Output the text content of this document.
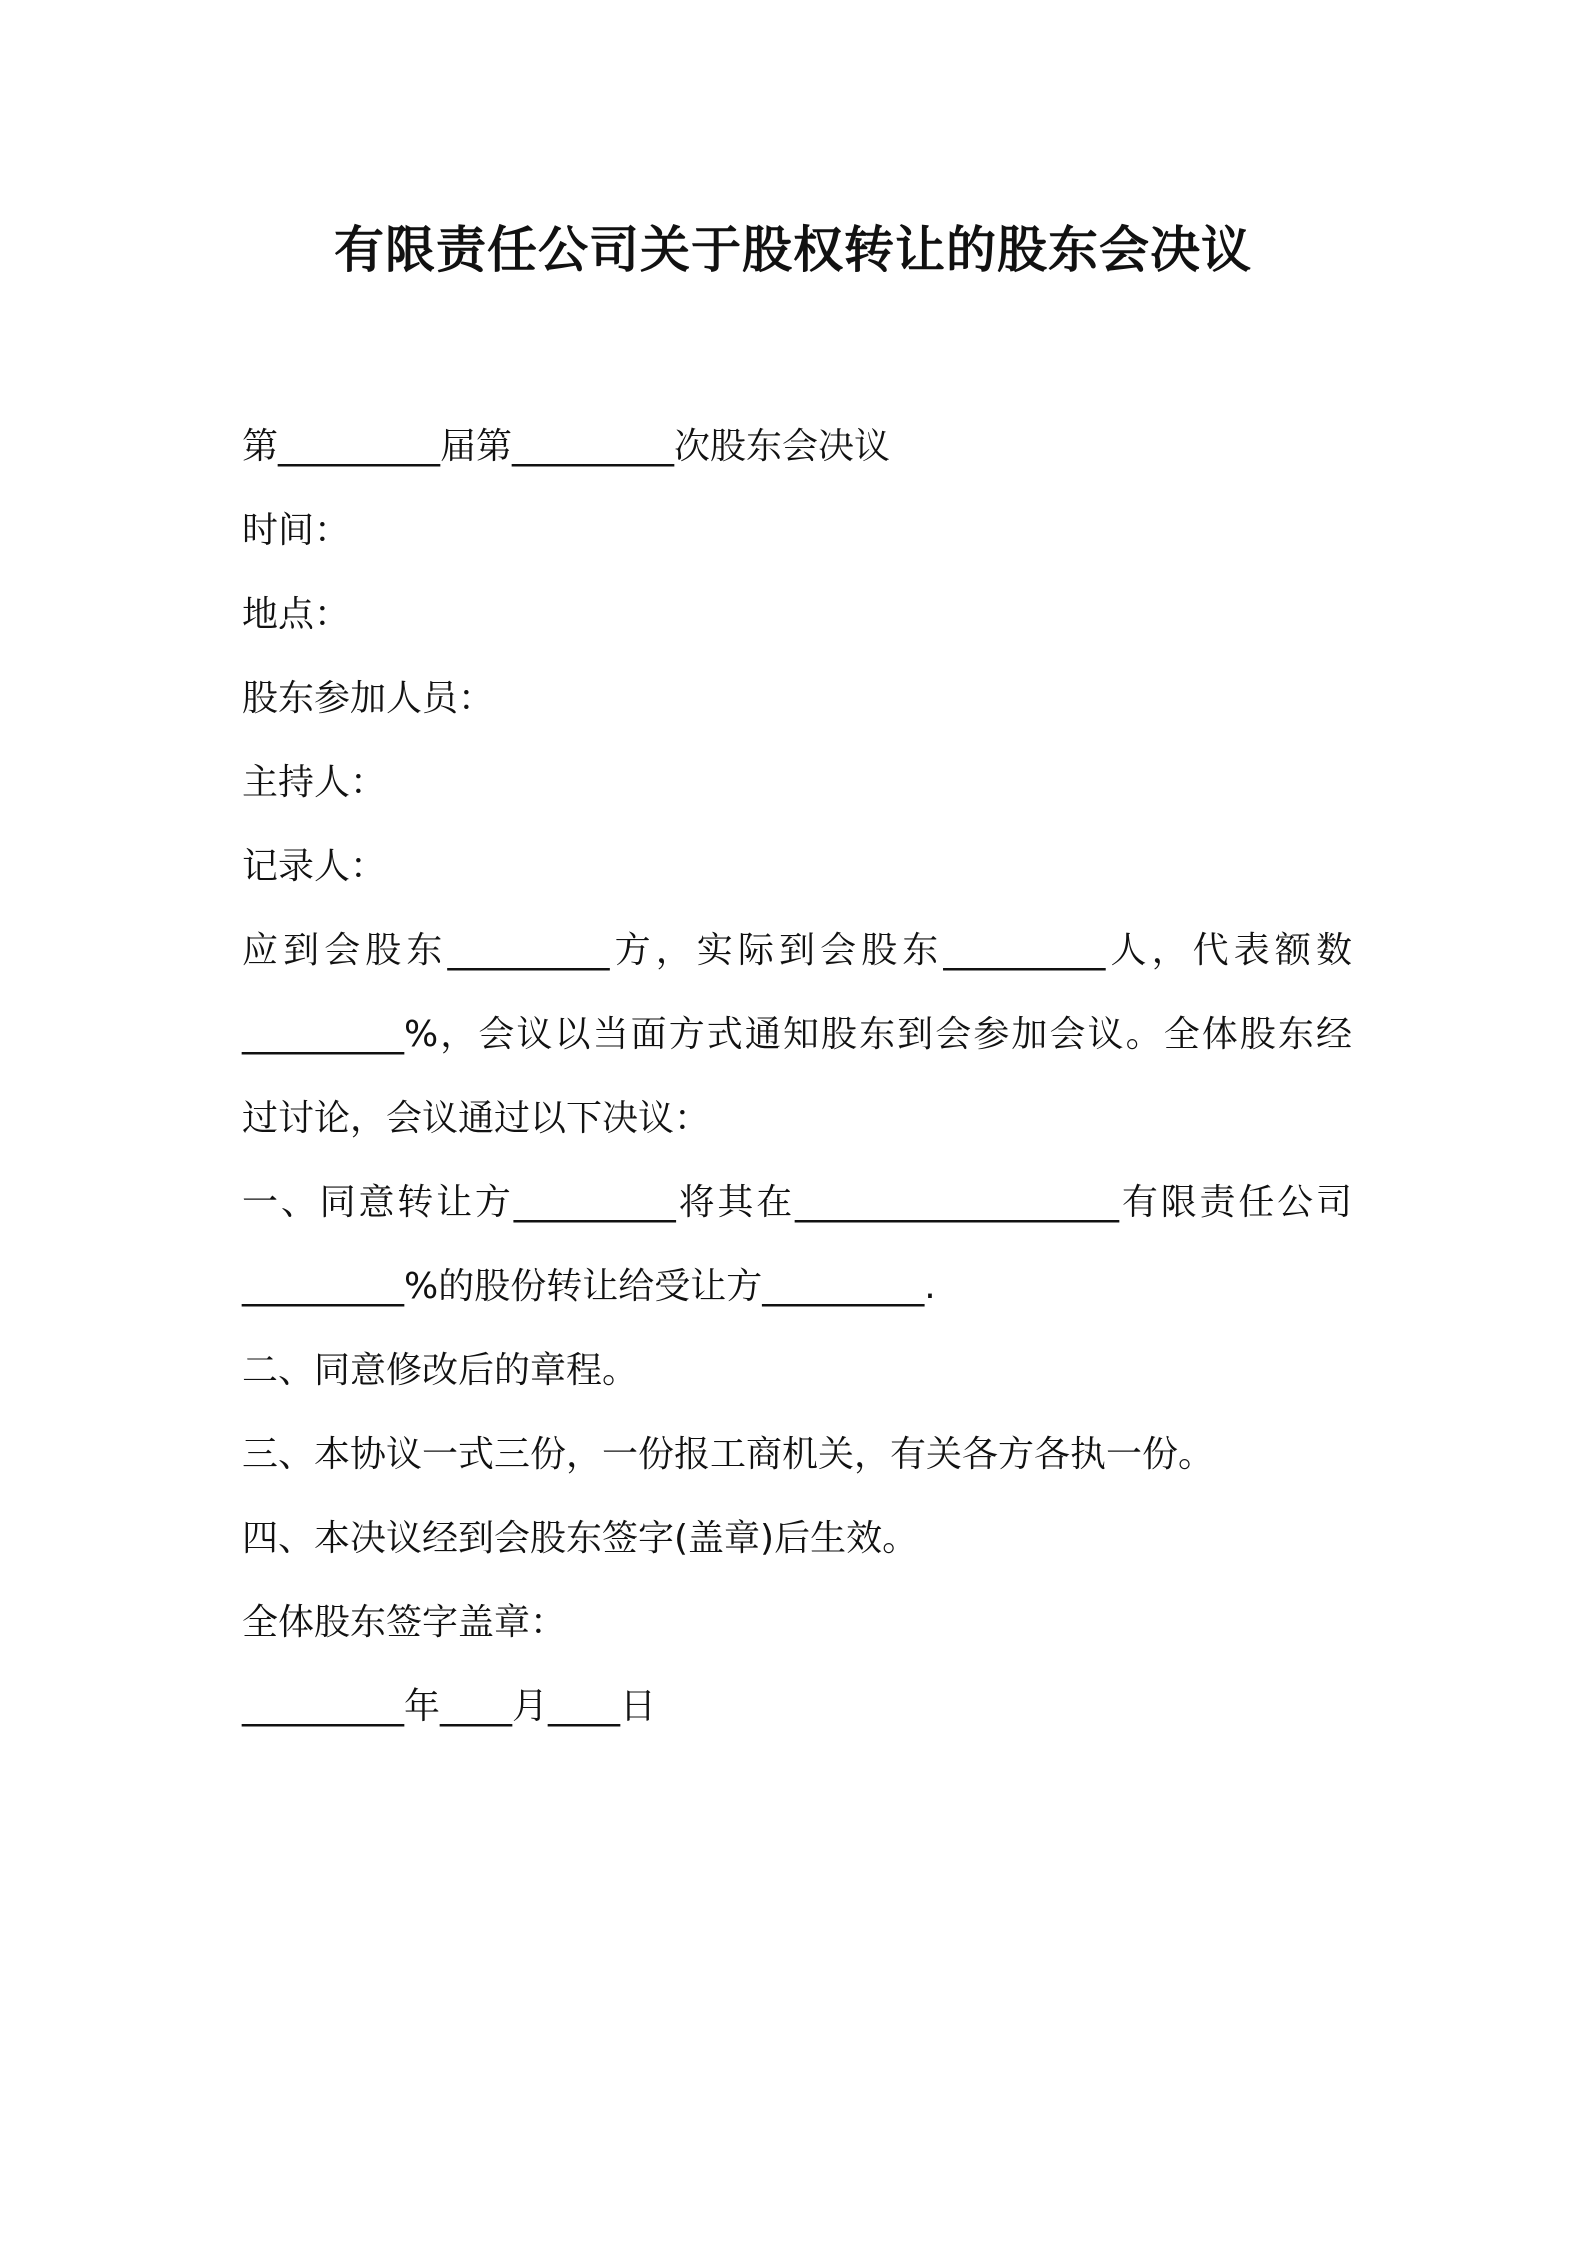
有限责任公司关于股权转让的股东会决议
第_________届第_________次股东会决议
时间：
地点：
股东参加人员：
主持人：
记录人：
应到会股东_________方，实际到会股东_________人，代表额数
_________%，会议以当面方式通知股东到会参加会议。全体股东经
过讨论，会议通过以下决议：
一、同意转让方_________将其在__________________有限责任公司
_________%的股份转让给受让方_________.
二、同意修改后的章程。
三、本协议一式三份，一份报工商机关，有关各方各执一份。
四、本决议经到会股东签字(盖章)后生效。
全体股东签字盖章：
_________年____月____日
